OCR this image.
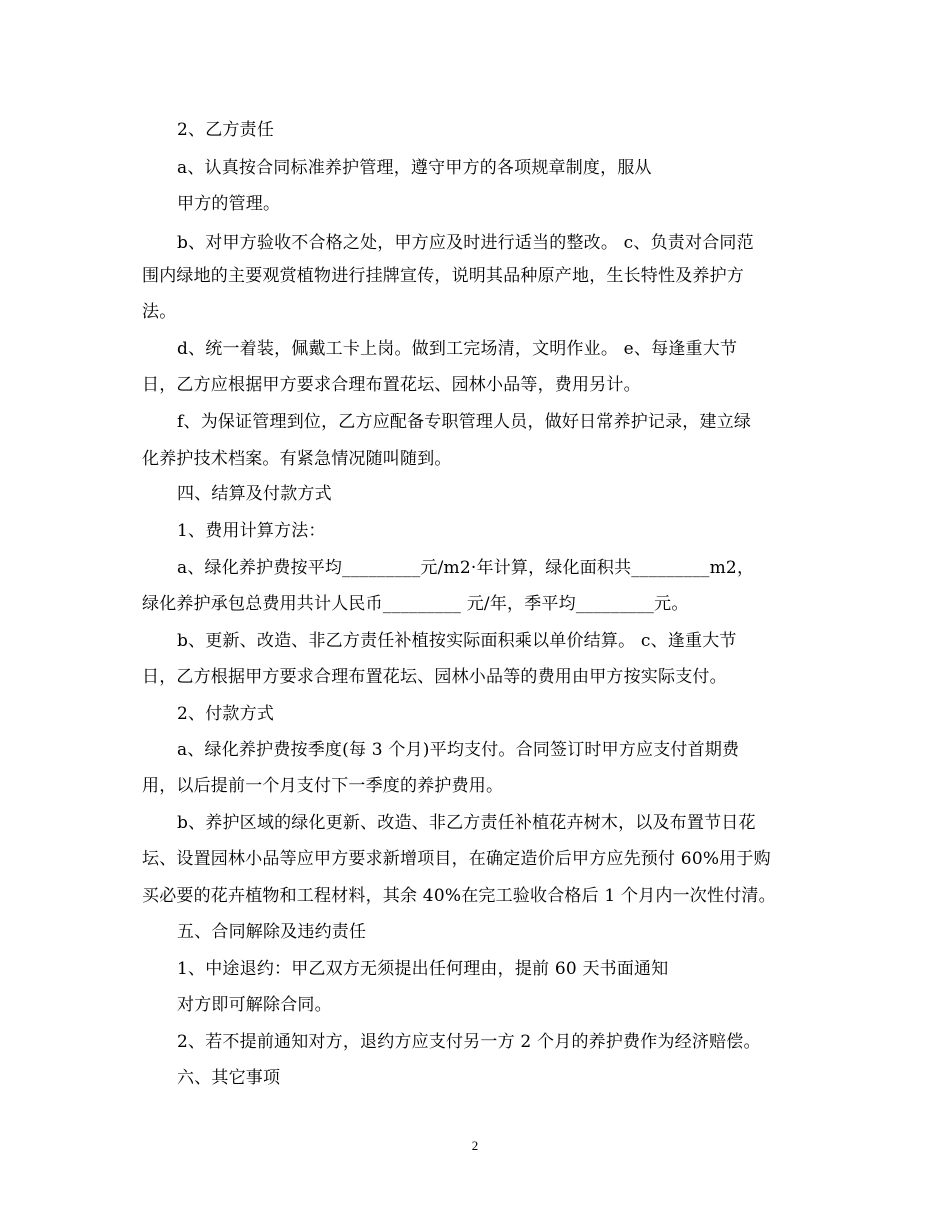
2、乙方责任
a、认真按合同标准养护管理，遵守甲方的各项规章制度，服从
甲方的管理。
b、对甲方验收不合格之处，甲方应及时进行适当的整改。 c、负责对合同范
围内绿地的主要观赏植物进行挂牌宣传，说明其品种原产地，生长特性及养护方
法。
d、统一着装，佩戴工卡上岗。做到工完场清，文明作业。 e、每逢重大节
日，乙方应根据甲方要求合理布置花坛、园林小品等，费用另计。
f、为保证管理到位，乙方应配备专职管理人员，做好日常养护记录，建立绿
化养护技术档案。有紧急情况随叫随到。
四、结算及付款方式
1、费用计算方法：
a、绿化养护费按平均_________元/m2·年计算，绿化面积共_________m2，
绿化养护承包总费用共计人民币_________ 元/年，季平均_________元。
b、更新、改造、非乙方责任补植按实际面积乘以单价结算。 c、逢重大节
日，乙方根据甲方要求合理布置花坛、园林小品等的费用由甲方按实际支付。
2、付款方式
a、绿化养护费按季度(每 3 个月)平均支付。合同签订时甲方应支付首期费
用，以后提前一个月支付下一季度的养护费用。
b、养护区域的绿化更新、改造、非乙方责任补植花卉树木，以及布置节日花
坛、设置园林小品等应甲方要求新增项目，在确定造价后甲方应先预付 60%用于购
买必要的花卉植物和工程材料，其余 40%在完工验收合格后 1 个月内一次性付清。
五、合同解除及违约责任
1、中途退约：甲乙双方无须提出任何理由，提前 60 天书面通知
对方即可解除合同。
2、若不提前通知对方，退约方应支付另一方 2 个月的养护费作为经济赔偿。
六、其它事项
2
